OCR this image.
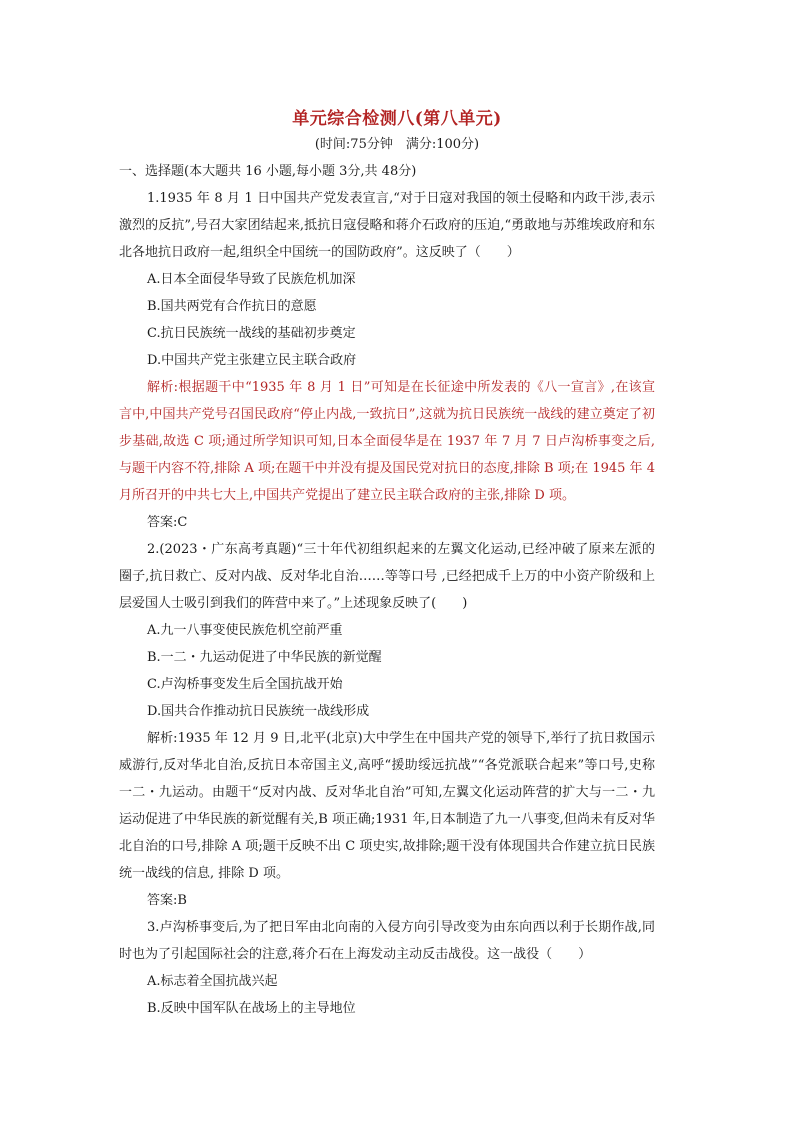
单元综合检测八(第八单元)
(时间:75分钟　满分:100分)

一、选择题(本大题共 16 小题,每小题 3分,共 48分)

1.1935 年 8 月 1 日中国共产党发表宣言,“对于日寇对我国的领土侵略和内政干涉,表示激烈的反抗”,号召大家团结起来,抵抗日寇侵略和蒋介石政府的压迫,“勇敢地与苏维埃政府和东北各地抗日政府一起,组织全中国统一的国防政府”。这反映了（　　）

A.日本全面侵华导致了民族危机加深

B.国共两党有合作抗日的意愿

C.抗日民族统一战线的基础初步奠定

D.中国共产党主张建立民主联合政府

解析:根据题干中“1935 年 8 月 1 日”可知是在长征途中所发表的《八一宣言》,在该宣言中,中国共产党号召国民政府“停止内战,一致抗日”,这就为抗日民族统一战线的建立奠定了初步基础,故选 C 项;通过所学知识可知,日本全面侵华是在 1937 年 7 月 7 日卢沟桥事变之后,与题干内容不符,排除 A 项;在题干中并没有提及国民党对抗日的态度,排除 B 项;在 1945 年 4 月所召开的中共七大上,中国共产党提出了建立民主联合政府的主张,排除 D 项。

答案:C

2.(2023・广东高考真题)“三十年代初组织起来的左翼文化运动,已经冲破了原来左派的圈子,抗日救亡、反对内战、反对华北自治……等等口号 ,已经把成千上万的中小资产阶级和上层爱国人士吸引到我们的阵营中来了。”上述现象反映了(　　)

A.九一八事变使民族危机空前严重

B.一二・九运动促进了中华民族的新觉醒

C.卢沟桥事变发生后全国抗战开始

D.国共合作推动抗日民族统一战线形成

解析:1935 年 12 月 9 日,北平(北京)大中学生在中国共产党的领导下,举行了抗日救国示威游行,反对华北自治,反抗日本帝国主义,高呼“援助绥远抗战”“各党派联合起来”等口号,史称一二・九运动。由题干“反对内战、反对华北自治”可知,左翼文化运动阵营的扩大与一二・九运动促进了中华民族的新觉醒有关,B 项正确;1931 年,日本制造了九一八事变,但尚未有反对华北自治的口号,排除 A 项;题干反映不出 C 项史实,故排除;题干没有体现国共合作建立抗日民族统一战线的信息, 排除 D 项。

答案:B

3.卢沟桥事变后,为了把日军由北向南的入侵方向引导改变为由东向西以利于长期作战,同时也为了引起国际社会的注意,蒋介石在上海发动主动反击战役。这一战役（　　）

A.标志着全国抗战兴起

B.反映中国军队在战场上的主导地位
